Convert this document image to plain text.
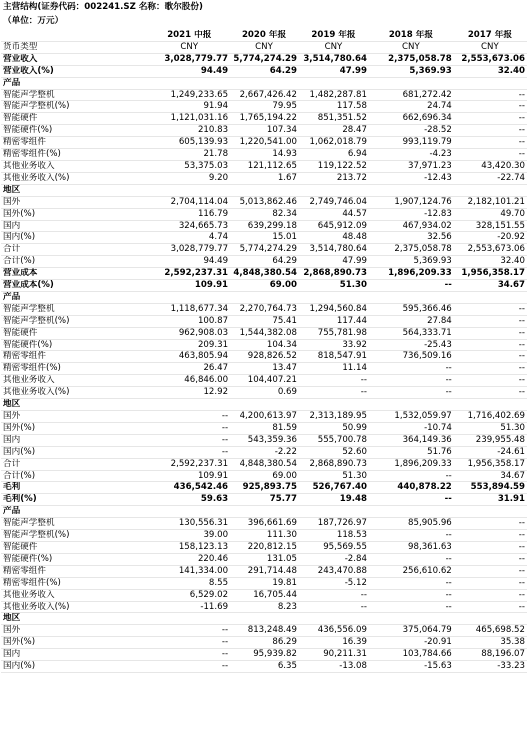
主营结构(证券代码：002241.SZ 名称：歌尔股份)
（单位：万元）
	2021 中报	2020 年报	2019 年报	2018 年报	2017 年报
货币类型	CNY	CNY	CNY	CNY	CNY
营业收入	3,028,779.77	5,774,274.29	3,514,780.64	2,375,058.78	2,553,673.06
营业收入(%)	94.49	64.29	47.99	5,369.93	32.40
产品					
智能声学整机	1,249,233.65	2,667,426.42	1,482,287.81	681,272.42	--
智能声学整机(%)	91.94	79.95	117.58	24.74	--
智能硬件	1,121,031.16	1,765,194.22	851,351.52	662,696.34	--
智能硬件(%)	210.83	107.34	28.47	-28.52	--
精密零组件	605,139.93	1,220,541.00	1,062,018.79	993,119.79	--
精密零组件(%)	21.78	14.93	6.94	-4.23	--
其他业务收入	53,375.03	121,112.65	119,122.52	37,971.23	43,420.30
其他业务收入(%)	9.20	1.67	213.72	-12.43	-22.74
地区					
国外	2,704,114.04	5,013,862.46	2,749,746.04	1,907,124.76	2,182,101.21
国外(%)	116.79	82.34	44.57	-12.83	49.70
国内	324,665.73	639,299.18	645,912.09	467,934.02	328,151.55
国内(%)	4.74	15.01	48.48	32.56	-20.92
合计	3,028,779.77	5,774,274.29	3,514,780.64	2,375,058.78	2,553,673.06
合计(%)	94.49	64.29	47.99	5,369.93	32.40
营业成本	2,592,237.31	4,848,380.54	2,868,890.73	1,896,209.33	1,956,358.17
营业成本(%)	109.91	69.00	51.30	--	34.67
产品					
智能声学整机	1,118,677.34	2,270,764.73	1,294,560.84	595,366.46	--
智能声学整机(%)	100.87	75.41	117.44	27.84	--
智能硬件	962,908.03	1,544,382.08	755,781.98	564,333.71	--
智能硬件(%)	209.31	104.34	33.92	-25.43	--
精密零组件	463,805.94	928,826.52	818,547.91	736,509.16	--
精密零组件(%)	26.47	13.47	11.14	--	--
其他业务收入	46,846.00	104,407.21	--	--	--
其他业务收入(%)	12.92	0.69	--	--	--
地区					
国外	--	4,200,613.97	2,313,189.95	1,532,059.97	1,716,402.69
国外(%)	--	81.59	50.99	-10.74	51.30
国内	--	543,359.36	555,700.78	364,149.36	239,955.48
国内(%)	--	-2.22	52.60	51.76	-24.61
合计	2,592,237.31	4,848,380.54	2,868,890.73	1,896,209.33	1,956,358.17
合计(%)	109.91	69.00	51.30	--	34.67
毛利	436,542.46	925,893.75	526,767.40	440,878.22	553,894.59
毛利(%)	59.63	75.77	19.48	--	31.91
产品					
智能声学整机	130,556.31	396,661.69	187,726.97	85,905.96	--
智能声学整机(%)	39.00	111.30	118.53	--	--
智能硬件	158,123.13	220,812.15	95,569.55	98,361.63	--
智能硬件(%)	220.46	131.05	-2.84	--	--
精密零组件	141,334.00	291,714.48	243,470.88	256,610.62	--
精密零组件(%)	8.55	19.81	-5.12	--	--
其他业务收入	6,529.02	16,705.44	--	--	--
其他业务收入(%)	-11.69	8.23	--	--	--
地区					
国外	--	813,248.49	436,556.09	375,064.79	465,698.52
国外(%)	--	86.29	16.39	-20.91	35.38
国内	--	95,939.82	90,211.31	103,784.66	88,196.07
国内(%)	--	6.35	-13.08	-15.63	-33.23
